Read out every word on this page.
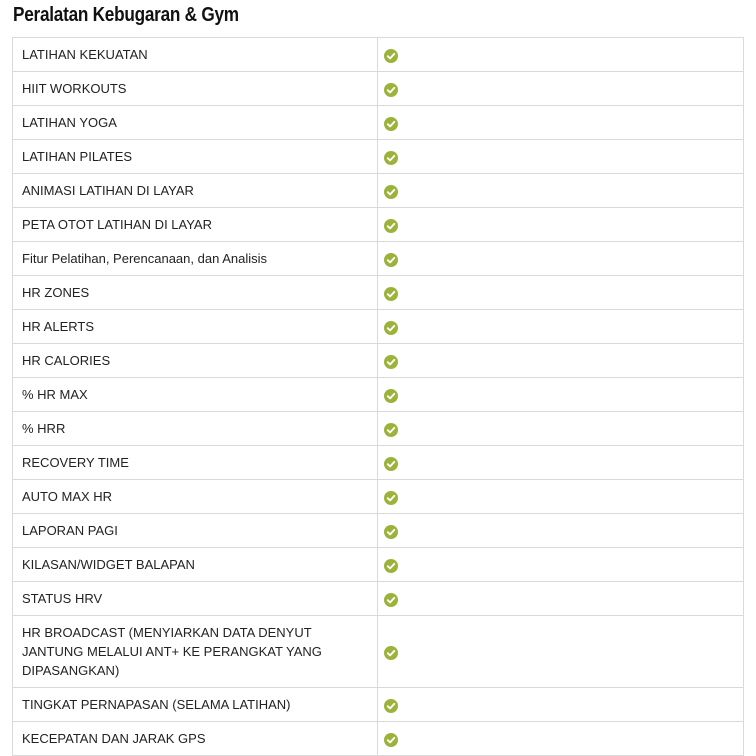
Peralatan Kebugaran & Gym
LATIHAN KEKUATAN	
HIIT WORKOUTS	
LATIHAN YOGA	
LATIHAN PILATES	
ANIMASI LATIHAN DI LAYAR	
PETA OTOT LATIHAN DI LAYAR	
Fitur Pelatihan, Perencanaan, dan Analisis	
HR ZONES	
HR ALERTS	
HR CALORIES	
% HR MAX	
% HRR	
RECOVERY TIME	
AUTO MAX HR	
LAPORAN PAGI	
KILASAN/WIDGET BALAPAN	
STATUS HRV	
HR BROADCAST (MENYIARKAN DATA DENYUT JANTUNG MELALUI ANT+ KE PERANGKAT YANG DIPASANGKAN)	
TINGKAT PERNAPASAN (SELAMA LATIHAN)	
KECEPATAN DAN JARAK GPS	
